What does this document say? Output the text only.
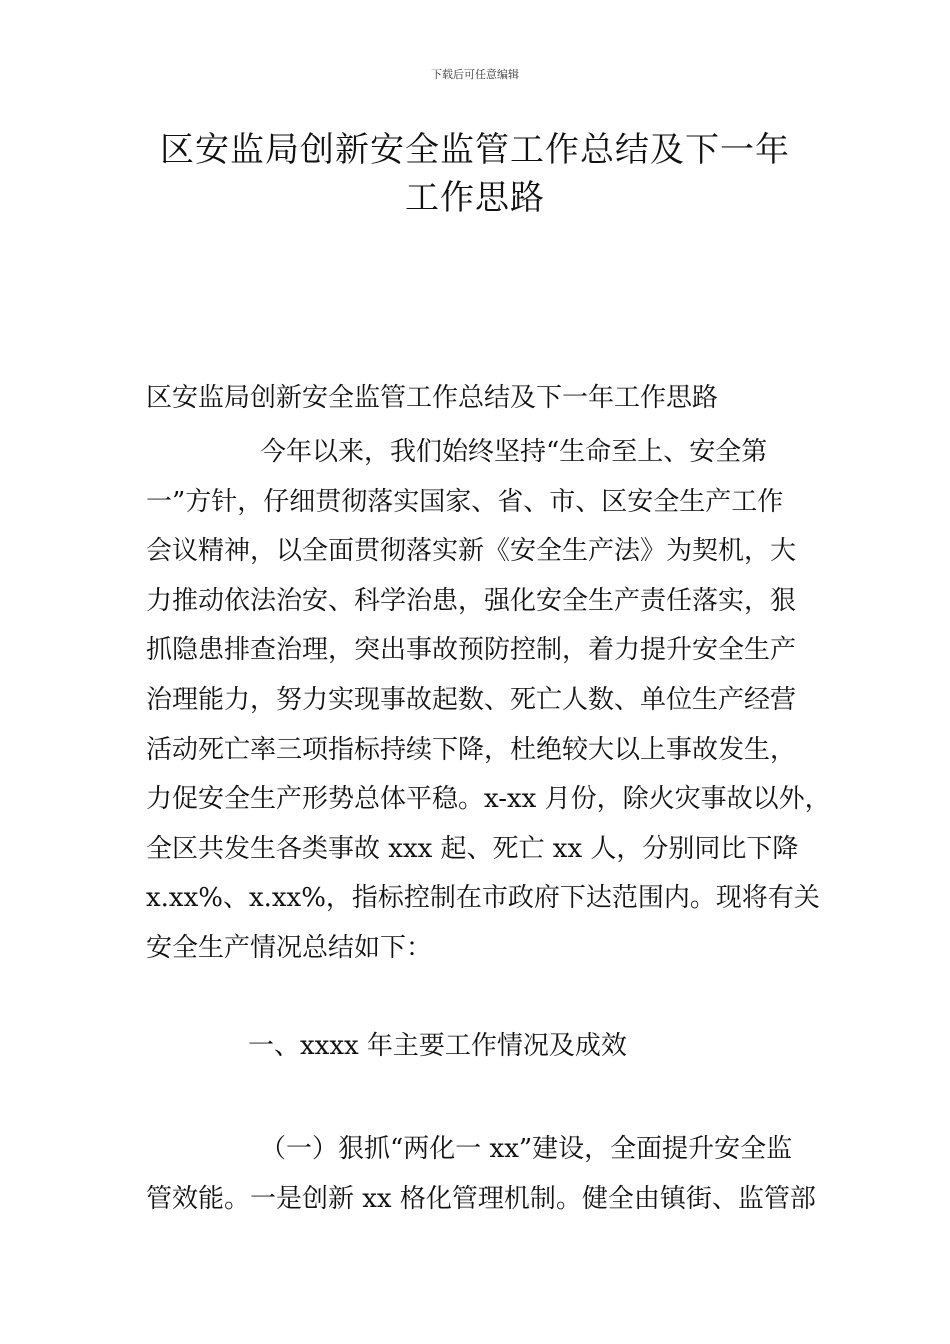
下载后可任意编辑
区安监局创新安全监管工作总结及下一年
工作思路
区安监局创新安全监管工作总结及下一年工作思路
今年以来，我们始终坚持“生命至上、安全第
一”方针，仔细贯彻落实国家、省、市、区安全生产工作
会议精神，以全面贯彻落实新《安全生产法》为契机，大
力推动依法治安、科学治患，强化安全生产责任落实，狠
抓隐患排查治理，突出事故预防控制，着力提升安全生产
治理能力，努力实现事故起数、死亡人数、单位生产经营
活动死亡率三项指标持续下降，杜绝较大以上事故发生，
力促安全生产形势总体平稳。x-xx 月份，除火灾事故以外，
全区共发生各类事故 xxx 起、死亡 xx 人，分别同比下降
x.xx%、x.xx%，指标控制在市政府下达范围内。现将有关
安全生产情况总结如下：
一、xxxx 年主要工作情况及成效
（一）狠抓“两化一 xx”建设，全面提升安全监
管效能。一是创新 xx 格化管理机制。健全由镇街、监管部
